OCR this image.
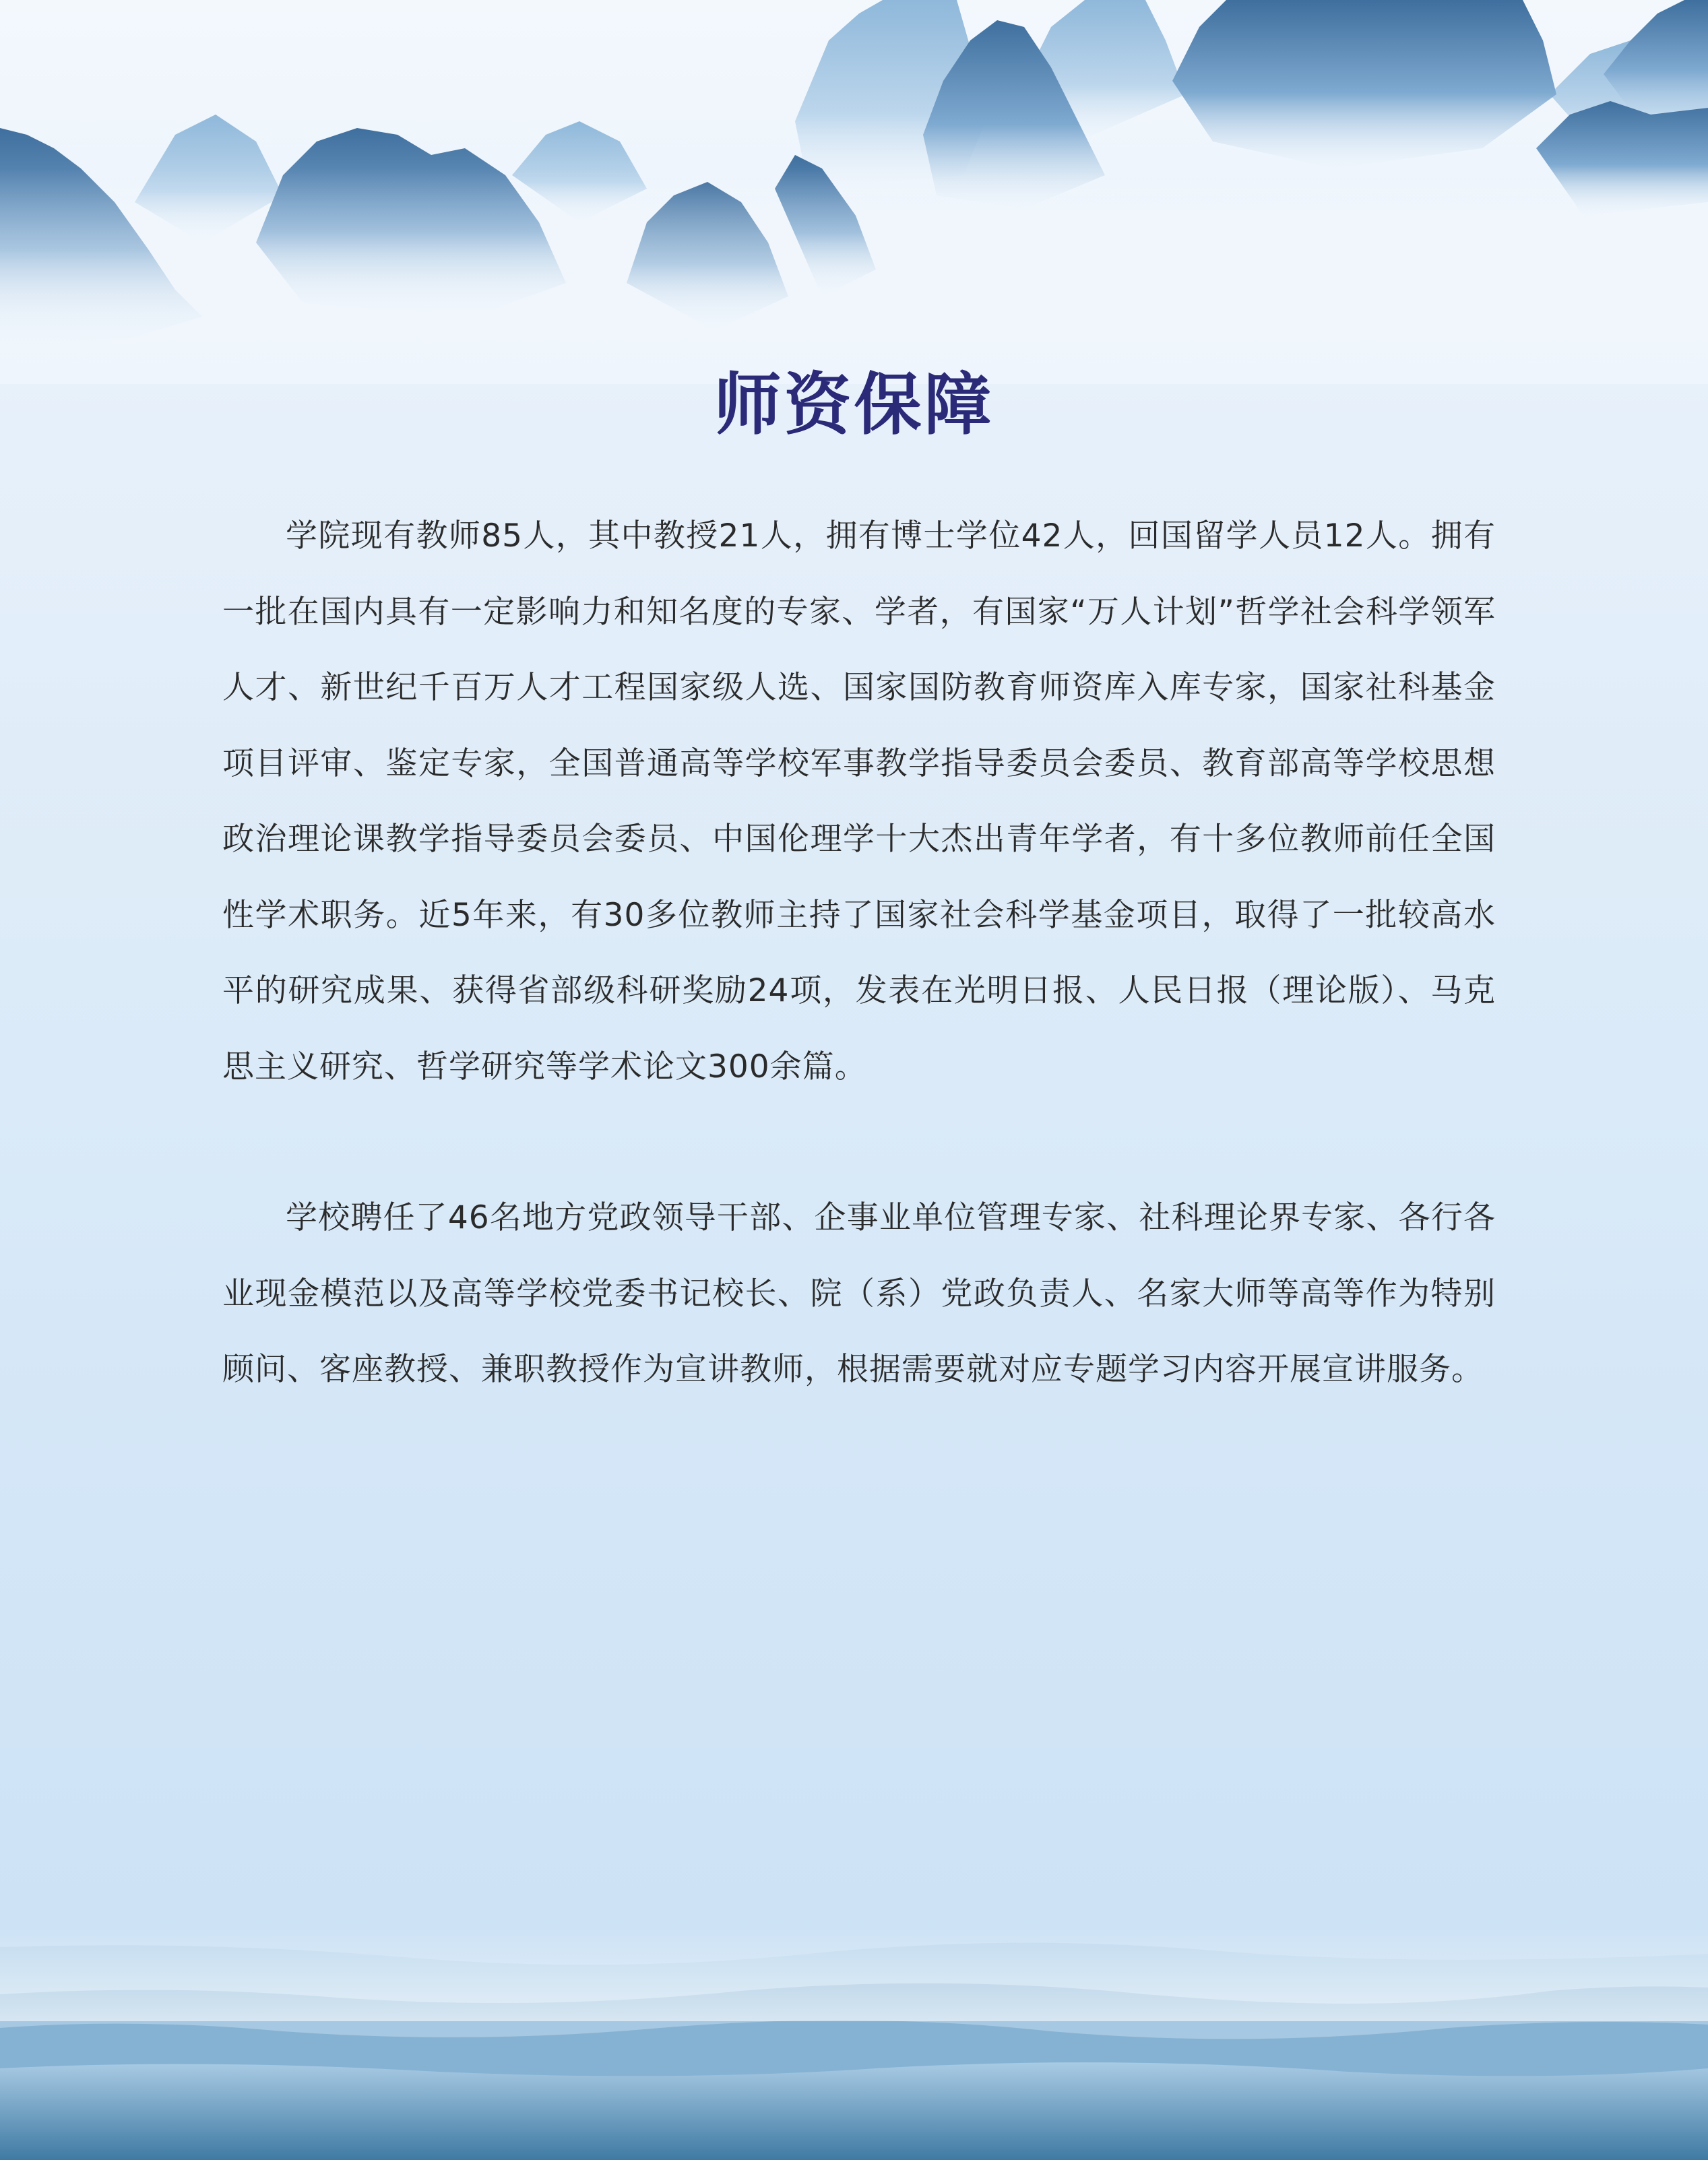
师资保障

学院现有教师85人，其中教授21人，拥有博士学位42人，回国留学人员12人。拥有一批在国内具有一定影响力和知名度的专家、学者，有国家“万人计划”哲学社会科学领军人才、新世纪千百万人才工程国家级人选、国家国防教育师资库入库专家，国家社科基金项目评审、鉴定专家，全国普通高等学校军事教学指导委员会委员、教育部高等学校思想政治理论课教学指导委员会委员、中国伦理学十大杰出青年学者，有十多位教师前任全国性学术职务。近5年来，有30多位教师主持了国家社会科学基金项目，取得了一批较高水平的研究成果、获得省部级科研奖励24项，发表在光明日报、人民日报（理论版）、马克思主义研究、哲学研究等学术论文300余篇。

学校聘任了46名地方党政领导干部、企事业单位管理专家、社科理论界专家、各行各业现金模范以及高等学校党委书记校长、院（系）党政负责人、名家大师等高等作为特别顾问、客座教授、兼职教授作为宣讲教师，根据需要就对应专题学习内容开展宣讲服务。
